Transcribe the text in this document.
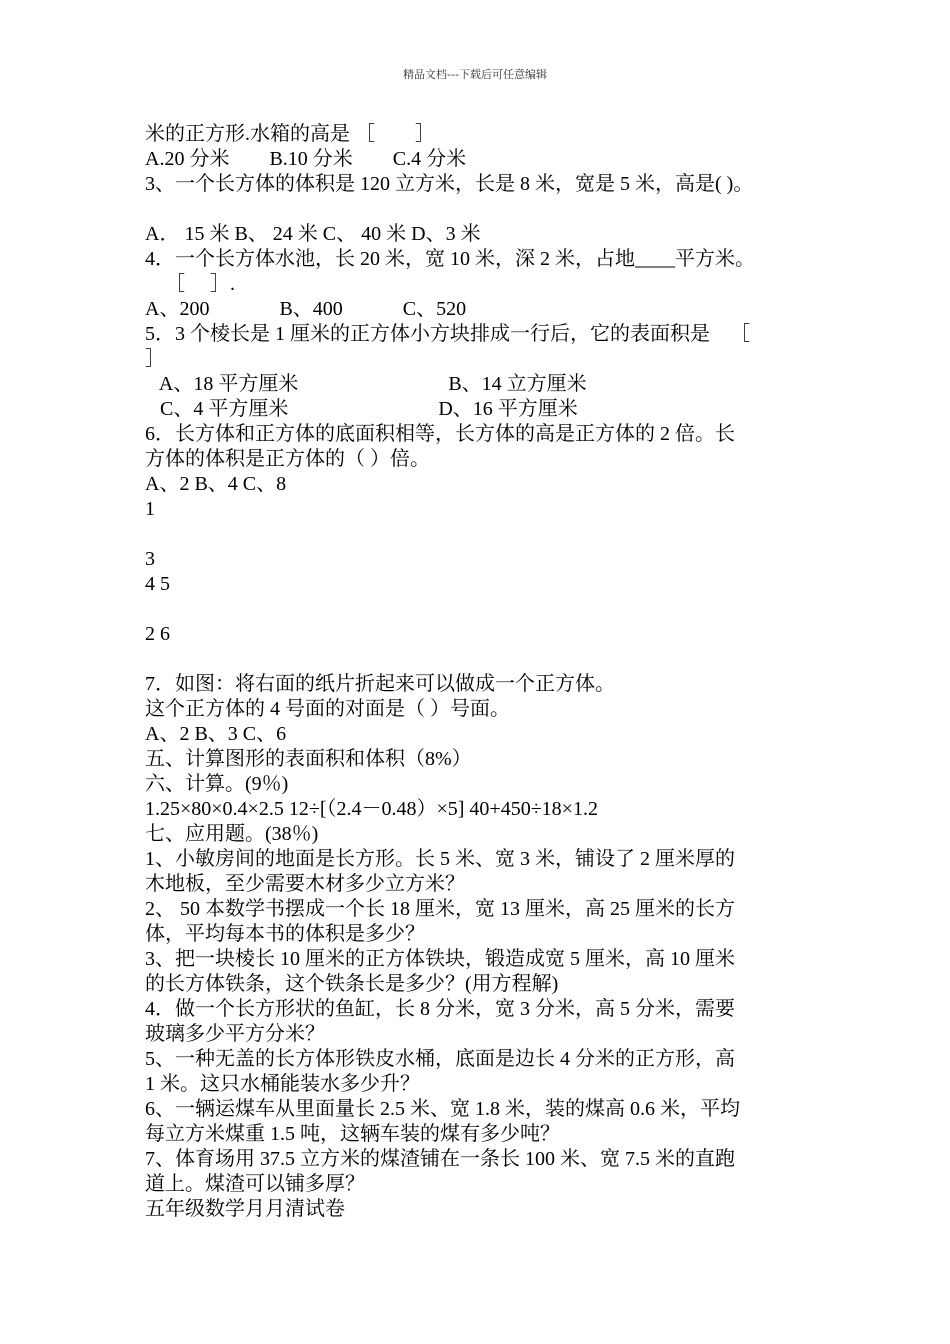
精品文档---下载后可任意编辑
米的正方形.水箱的高是 ［        ］
A.20 分米        B.10 分米        C.4 分米
3、一个长方体的体积是 120 立方米，长是 8 米，宽是 5 米，高是( )。
A． 15 米 B、 24 米 C、 40 米 D、3 米
4．一个长方体水池，长 20 米，宽 10 米，深 2 米，占地____平方米。
［     ］.
A、200              B、400            C、520
5．3 个棱长是 1 厘米的正方体小方块排成一行后，它的表面积是    ［
］
A、18 平方厘米                              B、14 立方厘米
C、4 平方厘米                              D、16 平方厘米
6．长方体和正方体的底面积相等，长方体的高是正方体的 2 倍。长
方体的体积是正方体的（ ）倍。
A、2 B、4 C、8
1
3
4 5
2 6
7．如图：将右面的纸片折起来可以做成一个正方体。
这个正方体的 4 号面的对面是（ ）号面。
A、2 B、3 C、6
五、计算图形的表面积和体积（8%）
六、计算。(9％)
1.25×80×0.4×2.5 12÷[（2.4－0.48）×5] 40+450÷18×1.2
七、应用题。(38％)
1、小敏房间的地面是长方形。长 5 米、宽 3 米，铺设了 2 厘米厚的
木地板，至少需要木材多少立方米？
2、 50 本数学书摆成一个长 18 厘米，宽 13 厘米，高 25 厘米的长方
体，平均每本书的体积是多少？
3、把一块棱长 10 厘米的正方体铁块，锻造成宽 5 厘米，高 10 厘米
的长方体铁条，这个铁条长是多少？(用方程解)
4．做一个长方形状的鱼缸，长 8 分米，宽 3 分米，高 5 分米，需要
玻璃多少平方分米？
5、一种无盖的长方体形铁皮水桶，底面是边长 4 分米的正方形，高
1 米。这只水桶能装水多少升？
6、一辆运煤车从里面量长 2.5 米、宽 1.8 米，装的煤高 0.6 米，平均
每立方米煤重 1.5 吨，这辆车装的煤有多少吨？
7、体育场用 37.5 立方米的煤渣铺在一条长 100 米、宽 7.5 米的直跑
道上。煤渣可以铺多厚？
五年级数学月月清试卷
